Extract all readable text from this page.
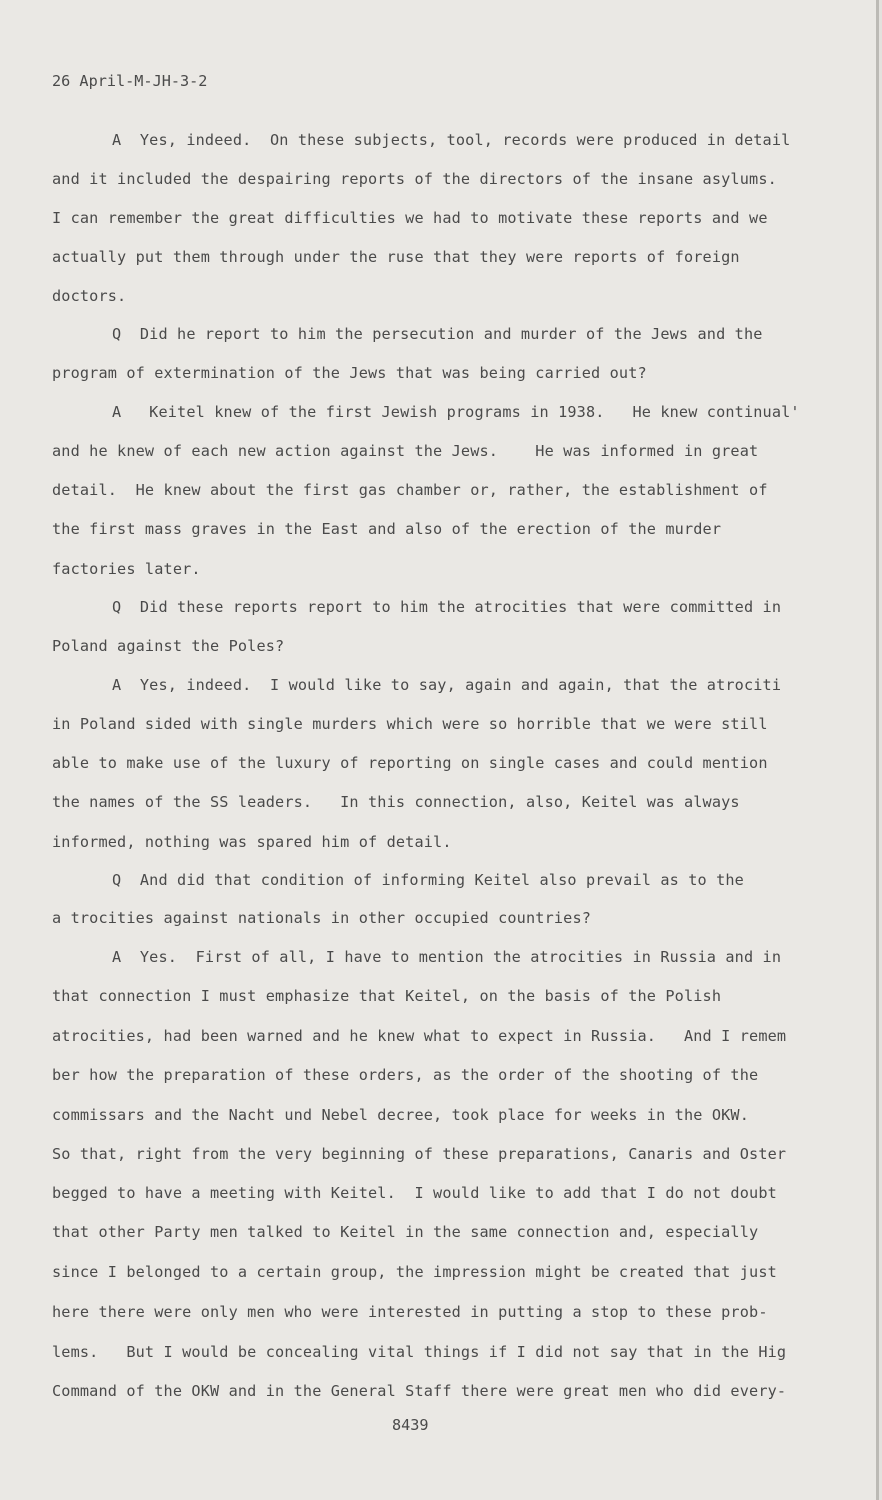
26 April-M-JH-3-2
A  Yes, indeed.  On these subjects, tool, records were produced in detail
and it included the despairing reports of the directors of the insane asylums.
I can remember the great difficulties we had to motivate these reports and we
actually put them through under the ruse that they were reports of foreign
doctors.
Q  Did he report to him the persecution and murder of the Jews and the
program of extermination of the Jews that was being carried out?
A   Keitel knew of the first Jewish programs in 1938.   He knew continual'
and he knew of each new action against the Jews.    He was informed in great
detail.  He knew about the first gas chamber or, rather, the establishment of
the first mass graves in the East and also of the erection of the murder
factories later.
Q  Did these reports report to him the atrocities that were committed in
Poland against the Poles?
A  Yes, indeed.  I would like to say, again and again, that the atrociti
in Poland sided with single murders which were so horrible that we were still
able to make use of the luxury of reporting on single cases and could mention
the names of the SS leaders.   In this connection, also, Keitel was always
informed, nothing was spared him of detail.
Q  And did that condition of informing Keitel also prevail as to the
a trocities against nationals in other occupied countries?
A  Yes.  First of all, I have to mention the atrocities in Russia and in
that connection I must emphasize that Keitel, on the basis of the Polish
atrocities, had been warned and he knew what to expect in Russia.   And I remem
ber how the preparation of these orders, as the order of the shooting of the
commissars and the Nacht und Nebel decree, took place for weeks in the OKW.
So that, right from the very beginning of these preparations, Canaris and Oster
begged to have a meeting with Keitel.  I would like to add that I do not doubt
that other Party men talked to Keitel in the same connection and, especially
since I belonged to a certain group, the impression might be created that just
here there were only men who were interested in putting a stop to these prob-
lems.   But I would be concealing vital things if I did not say that in the Hig
Command of the OKW and in the General Staff there were great men who did every-
8439
